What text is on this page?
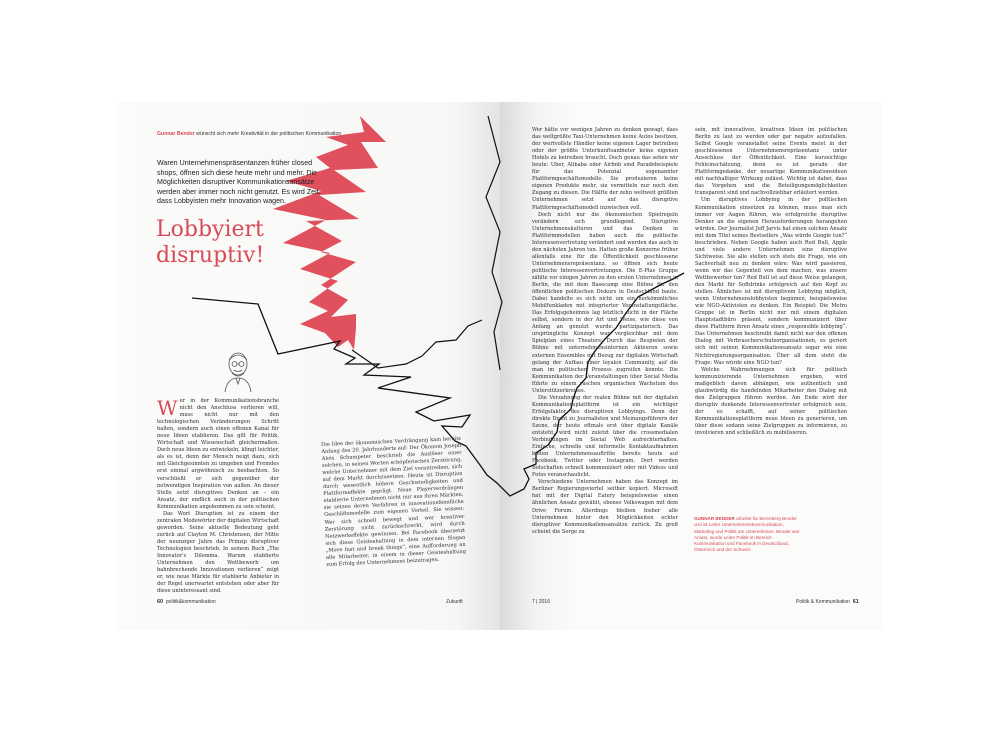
Gunnar Bender wünscht sich mehr Kreativität in der politischen Kommunikation
Waren Unternehmenspräsentanzen früher closed shops, öffnen sich diese heute mehr und mehr. Die Möglichkeiten disruptiver Kommunikationsansätze werden aber immer noch nicht genutzt. Es wird Zeit, dass Lobbyisten mehr Innovation wagen.
Lobbyiert disruptiv!

Wer in der Kommunikationsbranche nicht den Anschluss verlieren will, muss nicht nur mit den technologischen Veränderungen Schritt halten, sondern auch einen offenen Kanal für neue Ideen etablieren. Das gilt für Politik, Wirtschaft und Wissenschaft gleichermaßen. Doch neue Ideen zu entwickeln, klingt leichter, als es ist, denn der Mensch neigt dazu, sich mit Gleichgesinnten zu umgeben und Fremdes erst einmal argwöhnisch zu beobachten. So verschließt er sich gegenüber der notwendigen Inspiration von außen. An dieser Stelle setzt disruptives Denken an – ein Ansatz, der endlich auch in der politischen Kommunikation angekommen zu sein scheint.

Das Wort Disruption ist zu einem der zentralen Modewörter der digitalen Wirtschaft geworden. Seine aktuelle Bedeutung geht zurück auf Clayton M. Christensen, der Mitte der neunziger Jahre das Prinzip disruptiver Technologien beschrieb. In seinem Buch „The Innovator's Dilemma. Warum etablierte Unternehmen den Wettbewerb um bahnbrechende Innovationen verlieren“ zeigt er, wie neue Märkte für etablierte Anbieter in der Regel unerwartet entstehen oder aber für diese uninteressant sind.

Die Idee der ökonomischen Verdrängung kam bereits Anfang des 20. Jahrhunderts auf: Der Ökonom Joseph Alois Schumpeter beschrieb die Auslöser einer solchen, in seinen Worten schöpferischen Zerstörung, welche Unternehmer mit dem Ziel vorantreiben, sich auf dem Markt durchzusetzen. Heute ist Disruption durch wesentlich höhere Geschwindigkeiten und Plattformeffekte geprägt. Neue Playerverdrängen etablierte Unternehmen nicht nur aus ihren Märkten, sie setzen deren Verfahren in innovationsfeindliche Geschäftsmodelle zum eigenen Vorteil. Sie wissen: Wer sich schnell bewegt und wer kreativer Zerstörung nicht zurückschreckt, wird durch Netzwerkeffekte gewinnen. Bei Facebook übersetzt sich diese Geisteshaltung in dem internen Slogan „Move fast and break things“, eine Aufforderung an alle Mitarbeiter, in einem in dieser Geisteshaltung zum Erfolg des Unternehmens beizutragen.

60 politik&kommunikation	Zukunft

Wer hätte vor wenigen Jahren zu denken gewagt, dass das weltgrößte Taxi-Unternehmen keine Autos besitzen, der wertvollste Händler keine eigenen Lager betreiben oder der größte Unterkunftsanbieter keine eigenen Hotels zu betreiben braucht. Doch genau das sehen wir heute: Uber, Alibaba oder Airbnb sind Paradebeispiele für das Potenzial sogenannter Plattformgeschäftsmodelle. Sie produzieren keine eigenen Produkte mehr, sie vermitteln nur noch den Zugang zu diesen. Die Hälfte der zehn weltweit größten Unternehmen setzt auf das disruptive Plattformgeschäftsmodell inzwischen voll.

Doch nicht nur die ökonomischen Spielregeln verändern sich grundlegend. Disruptive Unternehmenskulturen und das Denken in Plattformmodellen haben auch die politische Interessenvertretung verändert und werden das auch in den nächsten Jahren tun. Hatten große Konzerne früher allenfalls eine für die Öffentlichkeit geschlossene Unternehmensrepräsentanz, so öffnen sich heute politische Interessenvertretungen. Die E-Plus Gruppe zählte vor einigen Jahren zu den ersten Unternehmen in Berlin, die mit dem Basecamp eine Bühne für den öffentlichen politischen Diskurs in Deutschland baute. Dabei handelte es sich nicht um ein herkömmliches Mobilfunkladen mit integrierter Veranstaltungsfläche. Das Erfolgsgeheimnis lag letztlich nicht in der Fläche selbst, sondern in der Art und Weise, wie diese von Anfang an genutzt wurde: partizipatorisch. Das ursprüngliche Konzept war vergleichbar mit dem Spielplan eines Theaters: Durch das Bespielen der Bühne mit unternehmensinternen Akteuren sowie externen Ensembles mit Bezug zur digitalen Wirtschaft gelang der Aufbau einer loyalen Community, auf die man im politischen Prozess zugreifen konnte. Die Kommunikation der Veranstaltungen über Social Media führte zu einem raschen organischen Wachstum des Unterstützerkreises.

Die Verzahnung der realen Bühne mit der digitalen Kommunikationsplattform ist ein wichtiger Erfolgsfaktor des disruptiven Lobbyings. Denn der direkte Draht zu Journalisten und Meinungsführern der Szene, der heute oftmals erst über digitale Kanäle entsteht, wird nicht zuletzt über die crossmedialen Verbindungen im Social Web aufrechterhalten. Einfache, schnelle und informelle Kontaktaufnahmen bieten Unternehmensauftritte bereits heute auf Facebook, Twitter oder Instagram. Dort werden Botschaften schnell kommuniziert oder mit Videos und Fotos veranschaulicht.

Verschiedene Unternehmen haben das Konzept im Berliner Regierungsviertel seither kopiert. Microsoft hat mit der Digital Eatery beispielsweise einen ähnlichen Ansatz gewählt, ebenso Volkswagen mit dem Drive Forum. Allerdings bleiben bisher alle Unternehmen hinter den Möglichkeiten echter disruptiver Kommunikationsansätze zurück. Zu groß scheint die Sorge zu

sein, mit innovativen, kreativen Ideen im politischen Berlin zu laut zu werden oder gar negativ aufzufallen. Selbst Google veranstaltet seine Events meist in der geschlossenen Unternehmensrepräsentanz unter Ausschluss der Öffentlichkeit. Eine kurzsichtige Fehleinschätzung, denn es ist gerade der Plattformgedanke, der neuartige Kommunikationsideen mit nachhaltiger Wirkung zulässt. Wichtig ist dabei, dass das Vorgehen und die Beteiligungsmöglichkeiten transparent sind und nachvollziehbar erläutert werden.

Um disruptives Lobbying in der politischen Kommunikation einsetzen zu können, muss man sich immer vor Augen führen, wie erfolgreiche disruptive Denker an die eigenen Herausforderungen herangehen würden. Der Journalist Jeff Jarvis hat einen solchen Ansatz mit dem Titel seines Bestsellers „Was würde Google tun?“ beschrieben. Neben Google haben auch Red Bull, Apple und viele andere Unternehmen eine disruptive Sichtweise. Sie alle stellen sich stets die Frage, wie ein Sachverhalt neu zu denken wäre: Was wird passieren, wenn wir das Gegenteil von dem machen, was unsere Wettbewerber tun? Red Bull ist auf diese Weise gelangen, den Markt für Softdrinks erfolgreich auf den Kopf zu stellen. Ähnliches ist mit disruptivem Lobbying möglich, wenn Unternehmenslobbyisten beginnen, beispielsweise wie NGO-Aktivisten zu denken. Ein Beispiel: Die Metro Gruppe ist in Berlin nicht nur mit einem digitalen Hauptstadtbüro präsent, sondern kommuniziert über diese Plattform ihren Ansatz eines „responsible lobbying“. Das Unternehmen beschreibt damit nicht nur den offenen Dialog mit Verbraucherschutzorganisationen, es geriert sich mit seinen Kommunikationsansatz sogar wie eine Nichtregierungsorganisation. Über all dem steht die Frage: Was würde eine NGO tun?

Welche Wahrnehmungen sich für politisch kommunizierende Unternehmen ergeben, wird maßgeblich davon abhängen, wie authentisch und glaubwürdig die handelnden Mitarbeiter den Dialog mit den Zielgruppen führen werden. Am Ende wird der disruptiv denkende Interessenvertreter erfolgreich sein, der es schafft, auf seiner politischen Kommunikationsplattform neue Ideen zu generieren, um über diese sodann seine Zielgruppen zu informieren, zu involvieren und schließlich zu mobilisieren.

GUNNAR BENDER arbeitet für Berenberg Bender und ist Leiter Unternehmenskommunikation, Marketing und Politik am Unternehmen. Bender war Arvato, wurde Leiter Politik im Bereich Kommunikation und Facebook in Deutschland, Österreich und der Schweiz.
7 | 2016	Politik & Kommunikation 61
